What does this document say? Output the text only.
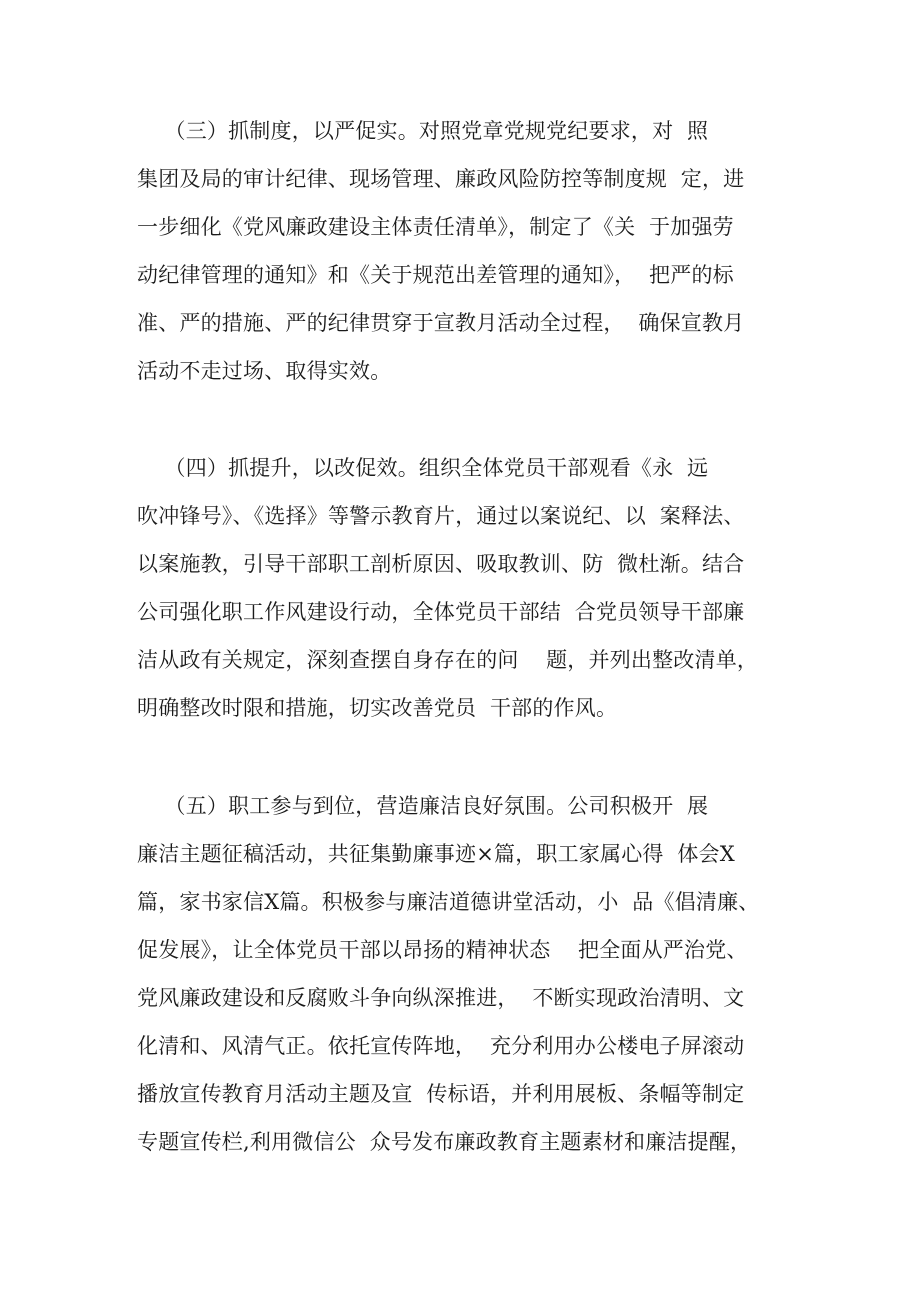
（三）抓制度，以严促实。对照党章党规党纪要求，对  照
集团及局的审计纪律、现场管理、廉政风险防控等制度规  定，进
一步细化《党风廉政建设主体责任清单》，制定了《关  于加强劳
动纪律管理的通知》和《关于规范出差管理的通知》，  把严的标
准、严的措施、严的纪律贯穿于宣教月活动全过程，  确保宣教月
活动不走过场、取得实效。
（四）抓提升，以改促效。组织全体党员干部观看《永  远
吹冲锋号》、《选择》等警示教育片，通过以案说纪、以  案释法、
以案施教，引导干部职工剖析原因、吸取教训、防  微杜渐。结合
公司强化职工作风建设行动，全体党员干部结  合党员领导干部廉
洁从政有关规定，深刻查摆自身存在的问    题，并列出整改清单，
明确整改时限和措施，切实改善党员  干部的作风。
（五）职工参与到位，营造廉洁良好氛围。公司积极开  展
廉洁主题征稿活动，共征集勤廉事迹×篇，职工家属心得  体会X
篇，家书家信X篇。积极参与廉洁道德讲堂活动，小  品《倡清廉、
促发展》，让全体党员干部以昂扬的精神状态    把全面从严治党、
党风廉政建设和反腐败斗争向纵深推进，  不断实现政治清明、文
化清和、风清气正。依托宣传阵地，  充分利用办公楼电子屏滚动
播放宣传教育月活动主题及宣  传标语，并利用展板、条幅等制定
专题宣传栏,利用微信公  众号发布廉政教育主题素材和廉洁提醒，
